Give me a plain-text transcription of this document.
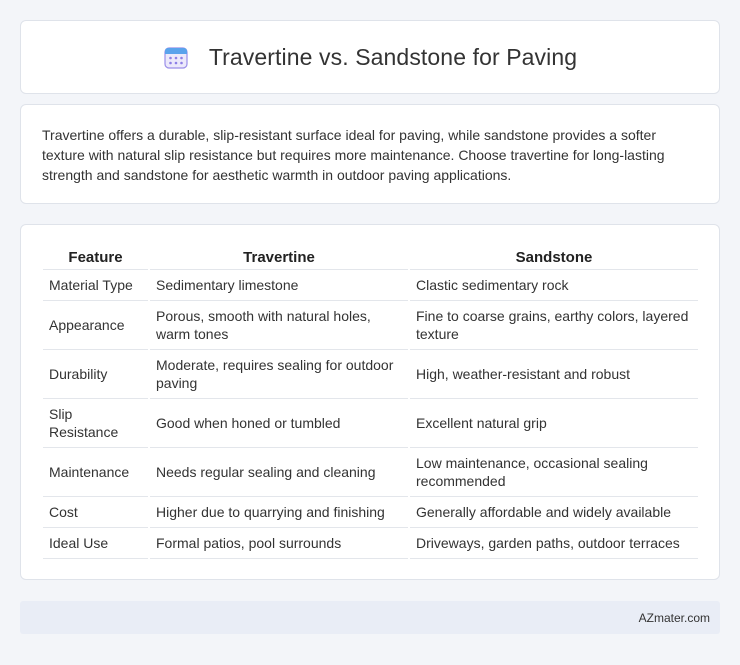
Travertine vs. Sandstone for Paving

Travertine offers a durable, slip-resistant surface ideal for paving, while sandstone provides a softer texture with natural slip resistance but requires more maintenance. Choose travertine for long-lasting strength and sandstone for aesthetic warmth in outdoor paving applications.

Feature	Travertine	Sandstone
Material Type	Sedimentary limestone	Clastic sedimentary rock
Appearance	Porous, smooth with natural holes, warm tones	Fine to coarse grains, earthy colors, layered texture
Durability	Moderate, requires sealing for outdoor paving	High, weather-resistant and robust
Slip Resistance	Good when honed or tumbled	Excellent natural grip
Maintenance	Needs regular sealing and cleaning	Low maintenance, occasional sealing recommended
Cost	Higher due to quarrying and finishing	Generally affordable and widely available
Ideal Use	Formal patios, pool surrounds	Driveways, garden paths, outdoor terraces
AZmater.com
